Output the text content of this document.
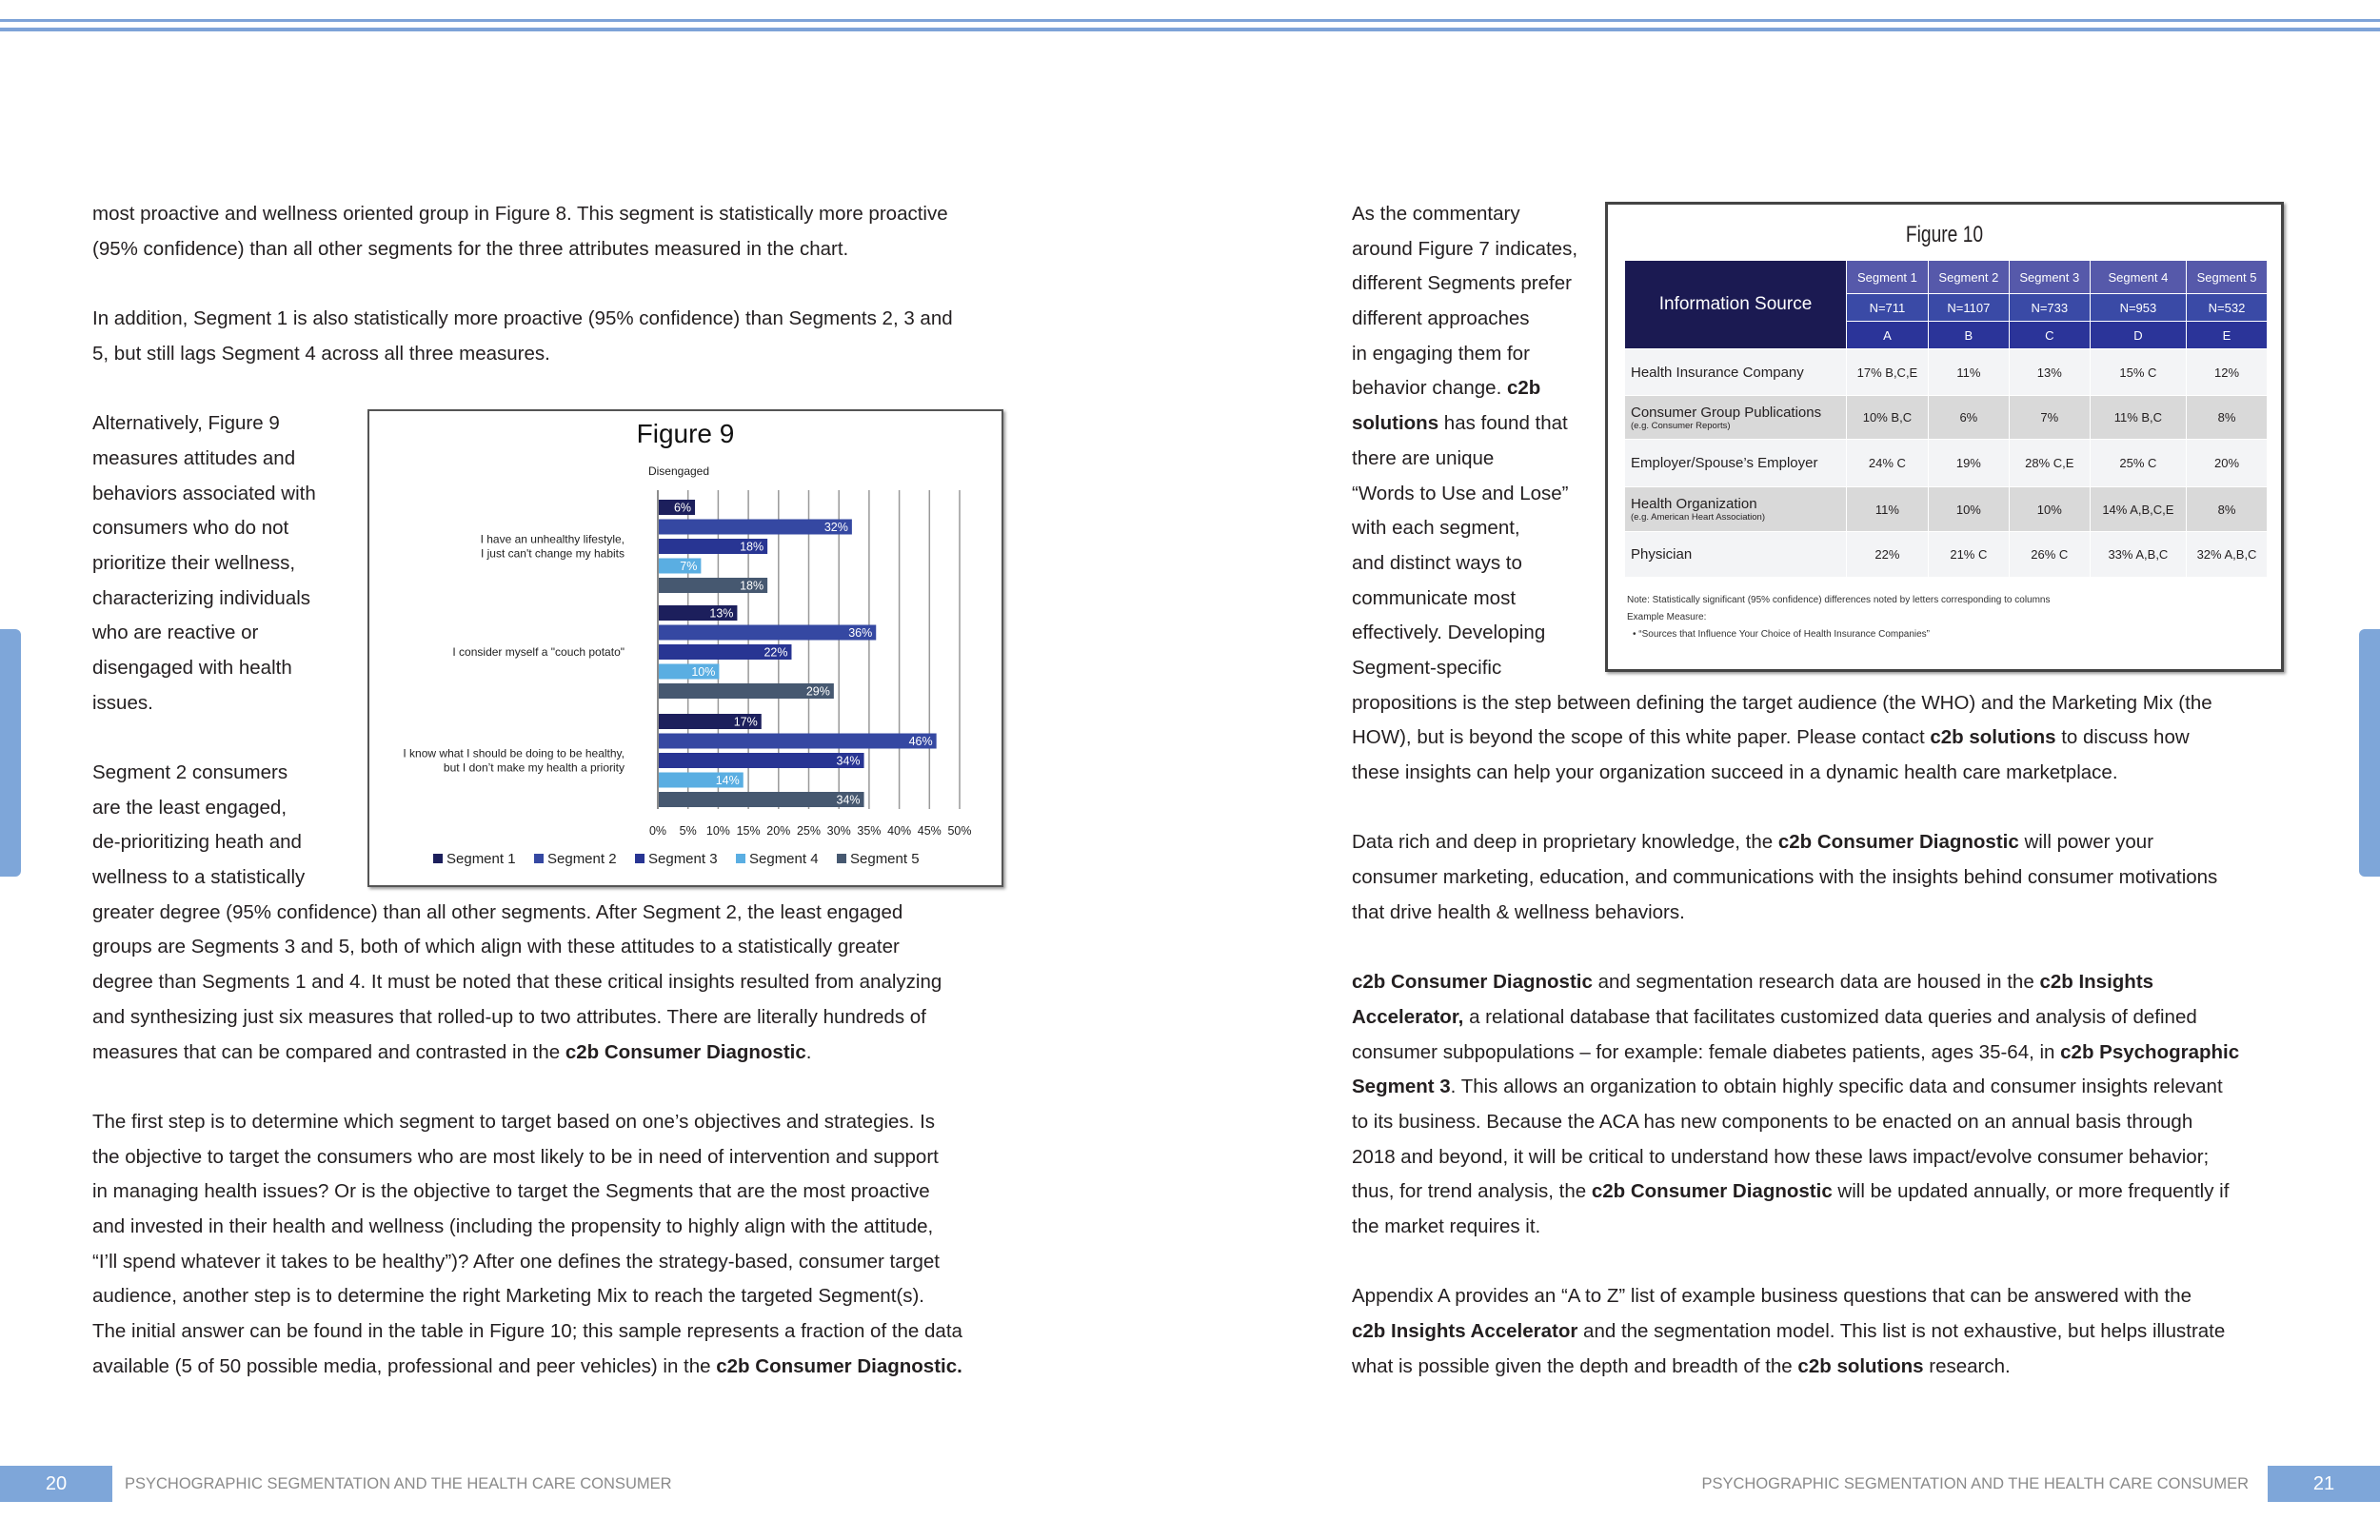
most proactive and wellness oriented group in Figure 8. This segment is statistically more proactive
(95% confidence) than all other segments for the three attributes measured in the chart.
In addition, Segment 1 is also statistically more proactive (95% confidence) than Segments 2, 3 and
5, but still lags Segment 4 across all three measures.
Alternatively, Figure 9
measures attitudes and
behaviors associated with
consumers who do not
prioritize their wellness,
characterizing individuals
who are reactive or
disengaged with health
issues.
Segment 2 consumers
are the least engaged,
de-prioritizing heath and
wellness to a statistically
greater degree (95% confidence) than all other segments. After Segment 2, the least engaged
groups are Segments 3 and 5, both of which align with these attitudes to a statistically greater
degree than Segments 1 and 4. It must be noted that these critical insights resulted from analyzing
and synthesizing just six measures that rolled-up to two attributes. There are literally hundreds of
measures that can be compared and contrasted in the c2b Consumer Diagnostic.
The first step is to determine which segment to target based on one’s objectives and strategies. Is
the objective to target the consumers who are most likely to be in need of intervention and support
in managing health issues? Or is the objective to target the Segments that are the most proactive
and invested in their health and wellness (including the propensity to highly align with the attitude,
“I’ll spend whatever it takes to be healthy”)? After one defines the strategy-based, consumer target
audience, another step is to determine the right Marketing Mix to reach the targeted Segment(s).
The initial answer can be found in the table in Figure 10; this sample represents a fraction of the data
available (5 of 50 possible media, professional and peer vehicles) in the c2b Consumer Diagnostic.
As the commentary
around Figure 7 indicates,
different Segments prefer
different approaches
in engaging them for
behavior change. c2b
solutions has found that
there are unique
“Words to Use and Lose”
with each segment,
and distinct ways to
communicate most
effectively. Developing
Segment-specific
propositions is the step between defining the target audience (the WHO) and the Marketing Mix (the
HOW), but is beyond the scope of this white paper. Please contact c2b solutions to discuss how
these insights can help your organization succeed in a dynamic health care marketplace.
Data rich and deep in proprietary knowledge, the c2b Consumer Diagnostic will power your
consumer marketing, education, and communications with the insights behind consumer motivations
that drive health & wellness behaviors.
c2b Consumer Diagnostic and segmentation research data are housed in the c2b Insights
Accelerator, a relational database that facilitates customized data queries and analysis of defined
consumer subpopulations – for example: female diabetes patients, ages 35-64, in c2b Psychographic
Segment 3. This allows an organization to obtain highly specific data and consumer insights relevant
to its business. Because the ACA has new components to be enacted on an annual basis through
2018 and beyond, it will be critical to understand how these laws impact/evolve consumer behavior;
thus, for trend analysis, the c2b Consumer Diagnostic will be updated annually, or more frequently if
the market requires it.
Appendix A provides an “A to Z” list of example business questions that can be answered with the
c2b Insights Accelerator and the segmentation model. This list is not exhaustive, but helps illustrate
what is possible given the depth and breadth of the c2b solutions research.
Figure 9
Disengaged
0% 5% 10% 15% 20% 25% 30% 35% 40% 45% 50%
I have an unhealthy lifestyle,
I just can't change my habits
6%
32%
18%
7%
18%
I consider myself a "couch potato"
13%
36%
22%
10%
29%
I know what I should be doing to be healthy,
but I don’t make my health a priority
17%
46%
34%
14%
34%
Segment 1 Segment 2 Segment 3 Segment 4 Segment 5
Figure 10
Information Source	Segment 1	Segment 2	Segment 3	Segment 4	Segment 5
	N=711	N=1107	N=733	N=953	N=532
	A	B	C	D	E
Health Insurance Company	17% B,C,E	11%	13%	15% C	12%
Consumer Group Publications
(e.g. Consumer Reports)	10% B,C	6%	7%	11% B,C	8%
Employer/Spouse’s Employer	24% C	19%	28% C,E	25% C	20%
Health Organization
(e.g. American Heart Association)	11%	10%	10%	14% A,B,C,E	8%
Physician	22%	21% C	26% C	33% A,B,C	32% A,B,C
Note: Statistically significant (95% confidence) differences noted by letters corresponding to columns
Example Measure:
• “Sources that Influence Your Choice of Health Insurance Companies”
20	PSYCHOGRAPHIC SEGMENTATION AND THE HEALTH CARE CONSUMER	PSYCHOGRAPHIC SEGMENTATION AND THE HEALTH CARE CONSUMER	21
